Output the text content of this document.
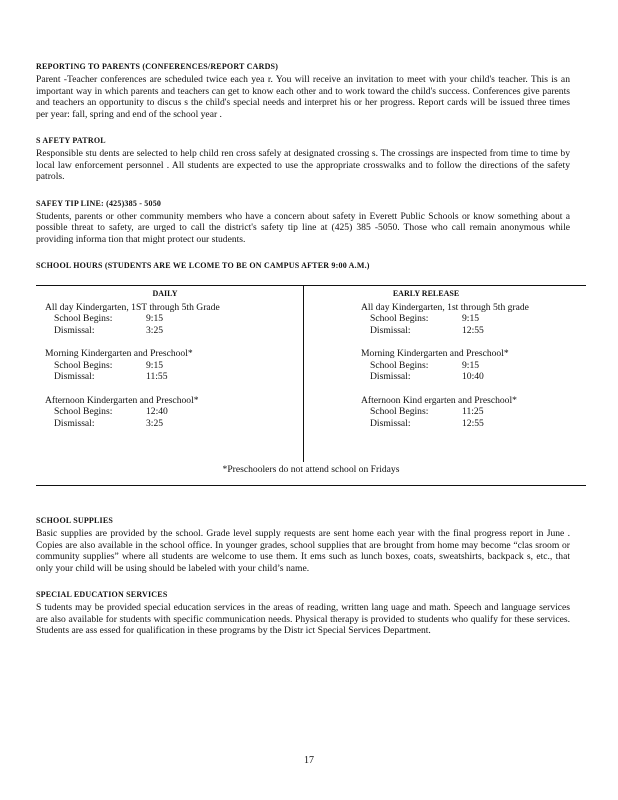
REPORTING TO PARENTS (CONFERENCES/REPORT CARDS)
Parent -Teacher conferences are scheduled twice each yea r. You will receive an invitation to meet with your child's teacher. This is an important way in which parents and teachers can get to know each other and to work toward the child's success. Conferences give parents and teachers an opportunity to discus s the child's special needs and interpret his or her progress. Report cards will be issued three times per year: fall, spring and end of the school year .
S AFETY PATROL
Responsible stu dents are selected to help child ren cross safely at designated crossing s. The crossings are inspected from time to time by local law enforcement personnel . All students are expected to use the appropriate crosswalks and to follow the directions of the safety patrols.
SAFEY TIP LINE: (425)385 - 5050
Students, parents or other community members who have a concern about safety in Everett Public Schools or know something about a possible threat to safety, are urged to call the district's safety tip line at (425) 385 -5050. Those who call remain anonymous while providing informa tion that might protect our students.
SCHOOL HOURS (STUDENTS ARE WE LCOME TO BE ON CAMPUS AFTER 9:00 A.M.)
DAILY
All day Kindergarten, 1ST through 5th Grade
School Begins:	9:15
Dismissal:	3:25
Morning Kindergarten and Preschool*
School Begins:	9:15
Dismissal:	11:55
Afternoon Kindergarten and Preschool*
School Begins:	12:40
Dismissal:	3:25
EARLY RELEASE
All day Kindergarten, 1st through 5th grade
School Begins:	9:15
Dismissal:	12:55
Morning Kindergarten and Preschool*
School Begins:	9:15
Dismissal:	10:40
Afternoon Kind ergarten and Preschool*
School Begins:	11:25
Dismissal:	12:55
*Preschoolers do not attend school on Fridays
SCHOOL SUPPLIES
Basic supplies are provided by the school. Grade level supply requests are sent home each year with the final progress report in June . Copies are also available in the school office. In younger grades, school supplies that are brought from home may become “clas sroom or community supplies” where all students are welcome to use them. It ems such as lunch boxes, coats, sweatshirts, backpack s, etc., that only your child will be using should be labeled with your child’s name.
SPECIAL EDUCATION SERVICES
S tudents may be provided special education services in the areas of reading, written lang uage and math. Speech and language services are also available for students with specific communication needs. Physical therapy is provided to students who qualify for these services. Students are ass essed for qualification in these programs by the Distr ict Special Services Department.
17
